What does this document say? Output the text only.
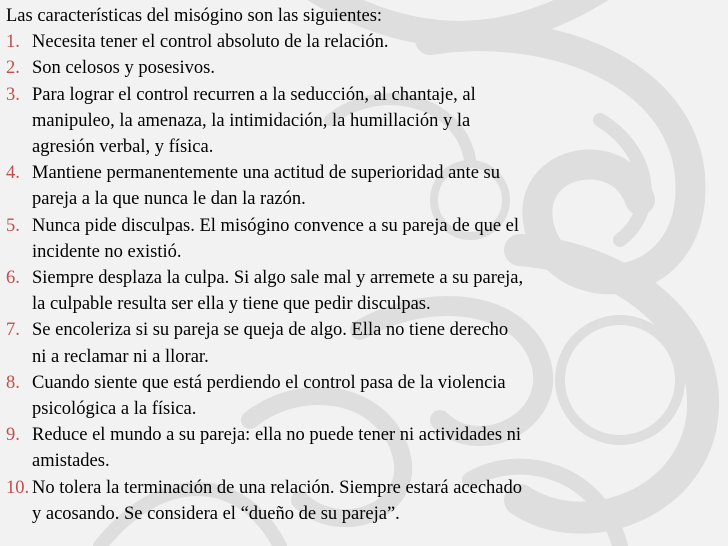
Las características del misógino son las siguientes:

1. Necesita tener el control absoluto de la relación.
2. Son celosos y posesivos.
3. Para lograr el control recurren a la seducción, al chantaje, al
manipuleo, la amenaza, la intimidación, la humillación y la
agresión verbal, y física.
4. Mantiene permanentemente una actitud de superioridad ante su
pareja a la que nunca le dan la razón.
5. Nunca pide disculpas. El misógino convence a su pareja de que el
incidente no existió.
6. Siempre desplaza la culpa. Si algo sale mal y arremete a su pareja,
la culpable resulta ser ella y tiene que pedir disculpas.
7. Se encoleriza si su pareja se queja de algo. Ella no tiene derecho
ni a reclamar ni a llorar.
8. Cuando siente que está perdiendo el control pasa de la violencia
psicológica a la física.
9. Reduce el mundo a su pareja: ella no puede tener ni actividades ni
amistades.
10. No tolera la terminación de una relación. Siempre estará acechado
y acosando. Se considera el “dueño de su pareja”.
